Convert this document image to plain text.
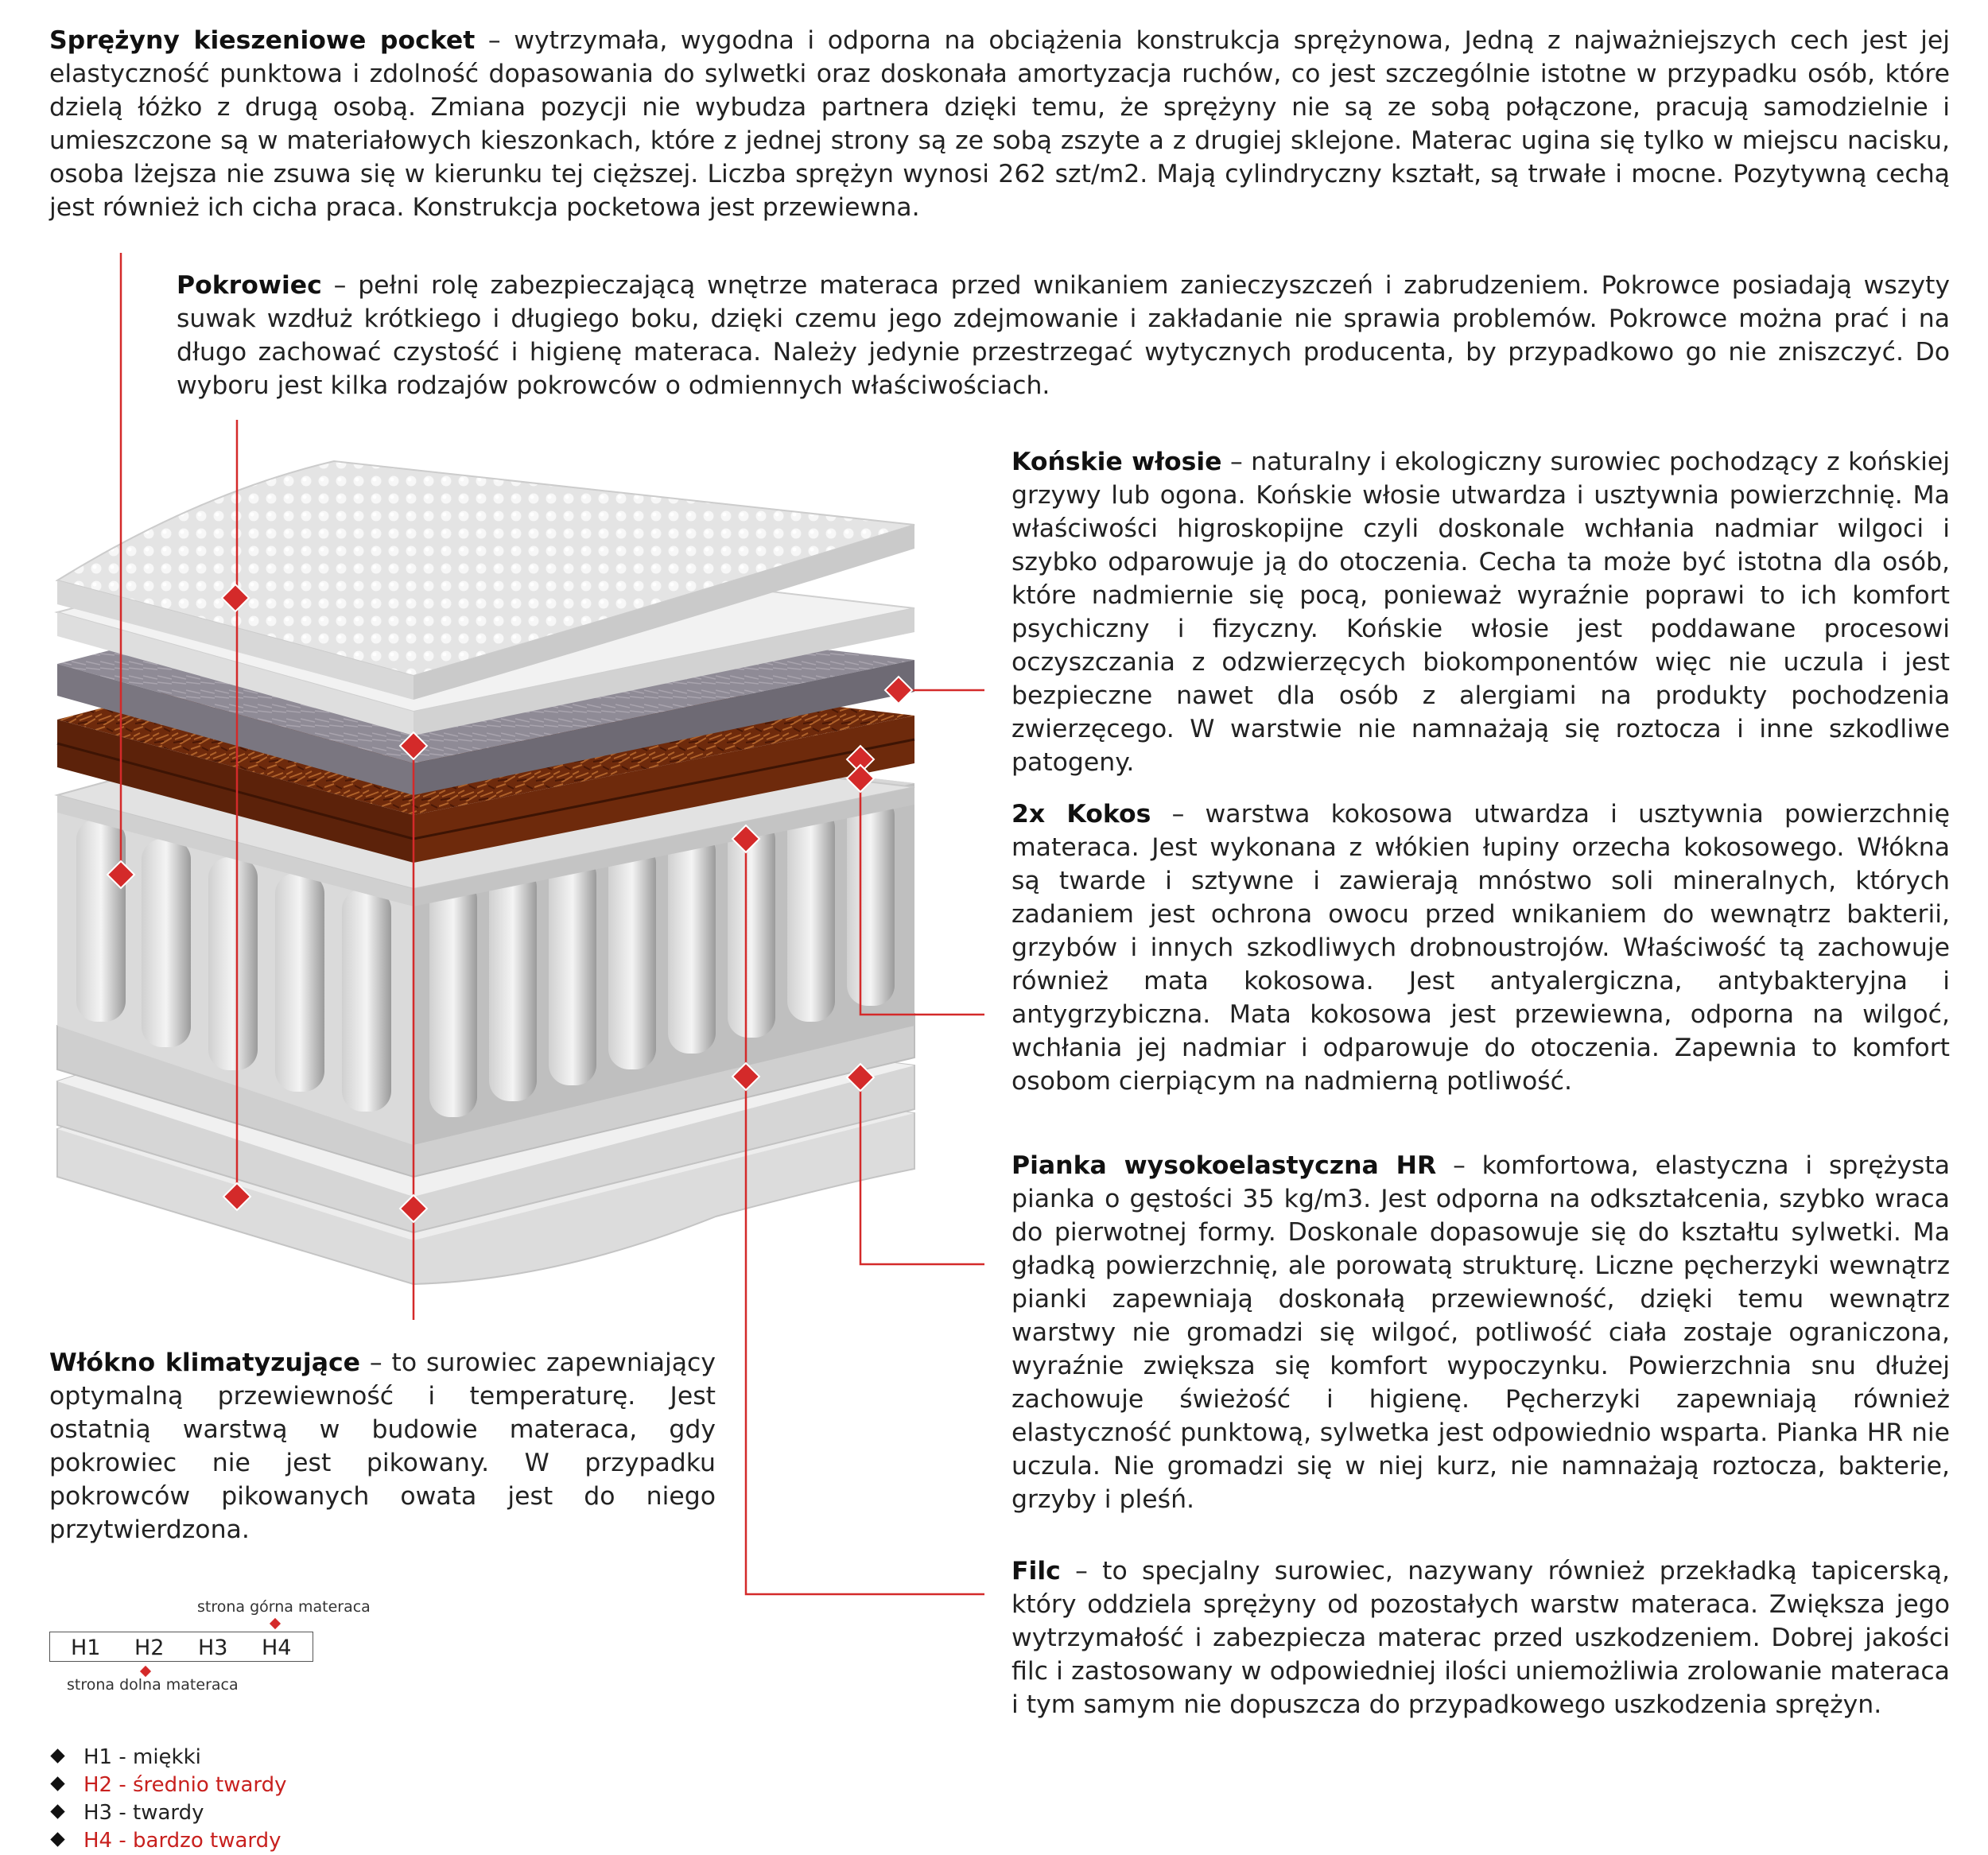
Sprężyny kieszeniowe pocket – wytrzymała, wygodna i odporna na obciążenia konstrukcja sprężynowa, Jedną z najważniejszych cech jest jej elastyczność punktowa i zdolność dopasowania do sylwetki oraz doskonała amortyzacja ruchów, co jest szczególnie istotne w przypadku osób, które dzielą łóżko z drugą osobą. Zmiana pozycji nie wybudza partnera dzięki temu, że sprężyny nie są ze sobą połączone, pracują samodzielnie i umieszczone są w materiałowych kieszonkach, które z jednej strony są ze sobą zszyte a z drugiej sklejone. Materac ugina się tylko w miejscu nacisku, osoba lżejsza nie zsuwa się w kierunku tej cięższej. Liczba sprężyn wynosi 262 szt/m2. Mają cylindryczny kształt, są trwałe i mocne. Pozytywną cechą jest również ich cicha praca. Konstrukcja pocketowa jest przewiewna.

Pokrowiec – pełni rolę zabezpieczającą wnętrze materaca przed wnikaniem zanieczyszczeń i zabrudzeniem. Pokrowce posiadają wszyty suwak wzdłuż krótkiego i długiego boku, dzięki czemu jego zdejmowanie i zakładanie nie sprawia problemów. Pokrowce można prać i na długo zachować czystość i higienę materaca. Należy jedynie przestrzegać wytycznych producenta, by przypadkowo go nie zniszczyć. Do wyboru jest kilka rodzajów pokrowców o odmiennych właściwościach.

Końskie włosie – naturalny i ekologiczny surowiec pochodzący z końskiej grzywy lub ogona. Końskie włosie utwardza i usztywnia powierzchnię. Ma właściwości higroskopijne czyli doskonale wchłania nadmiar wilgoci i szybko odparowuje ją do otoczenia. Cecha ta może być istotna dla osób, które nadmiernie się pocą, ponieważ wyraźnie poprawi to ich komfort psychiczny i fizyczny. Końskie włosie jest poddawane procesowi oczyszczania z odzwierzęcych biokomponentów więc nie uczula i jest bezpieczne nawet dla osób z alergiami na produkty pochodzenia zwierzęcego. W warstwie nie namnażają się roztocza i inne szkodliwe patogeny.

2x Kokos – warstwa kokosowa utwardza i usztywnia powierzchnię materaca. Jest wykonana z włókien łupiny orzecha kokosowego. Włókna są twarde i sztywne i zawierają mnóstwo soli mineralnych, których zadaniem jest ochrona owocu przed wnikaniem do wewnątrz bakterii, grzybów i innych szkodliwych drobnoustrojów. Właściwość tą zachowuje również mata kokosowa. Jest antyalergiczna, antybakteryjna i antygrzybiczna. Mata kokosowa jest przewiewna, odporna na wilgoć, wchłania jej nadmiar i odparowuje do otoczenia. Zapewnia to komfort osobom cierpiącym na nadmierną potliwość.

Pianka wysokoelastyczna HR – komfortowa, elastyczna i sprężysta pianka o gęstości 35 kg/m3. Jest odporna na odkształcenia, szybko wraca do pierwotnej formy. Doskonale dopasowuje się do kształtu sylwetki. Ma gładką powierzchnię, ale porowatą strukturę. Liczne pęcherzyki wewnątrz pianki zapewniają doskonałą przewiewność, dzięki temu wewnątrz warstwy nie gromadzi się wilgoć, potliwość ciała zostaje ograniczona, wyraźnie zwiększa się komfort wypoczynku. Powierzchnia snu dłużej zachowuje świeżość i higienę. Pęcherzyki zapewniają również elastyczność punktową, sylwetka jest odpowiednio wsparta. Pianka HR nie uczula. Nie gromadzi się w niej kurz, nie namnażają roztocza, bakterie, grzyby i pleśń.

Filc – to specjalny surowiec, nazywany również przekładką tapicerską, który oddziela sprężyny od pozostałych warstw materaca. Zwiększa jego wytrzymałość i zabezpiecza materac przed uszkodzeniem. Dobrej jakości filc i zastosowany w odpowiedniej ilości uniemożliwia zrolowanie materaca i tym samym nie dopuszcza do przypadkowego uszkodzenia sprężyn.

Włókno klimatyzujące – to surowiec zapewniający optymalną przewiewność i temperaturę. Jest ostatnią warstwą w budowie materaca, gdy pokrowiec nie jest pikowany. W przypadku pokrowców pikowanych owata jest do niego przytwierdzona.

strona górna materaca
H1 H2 H3 H4
strona dolna materaca
H1 - miękki
H2 - średnio twardy
H3 - twardy
H4 - bardzo twardy
